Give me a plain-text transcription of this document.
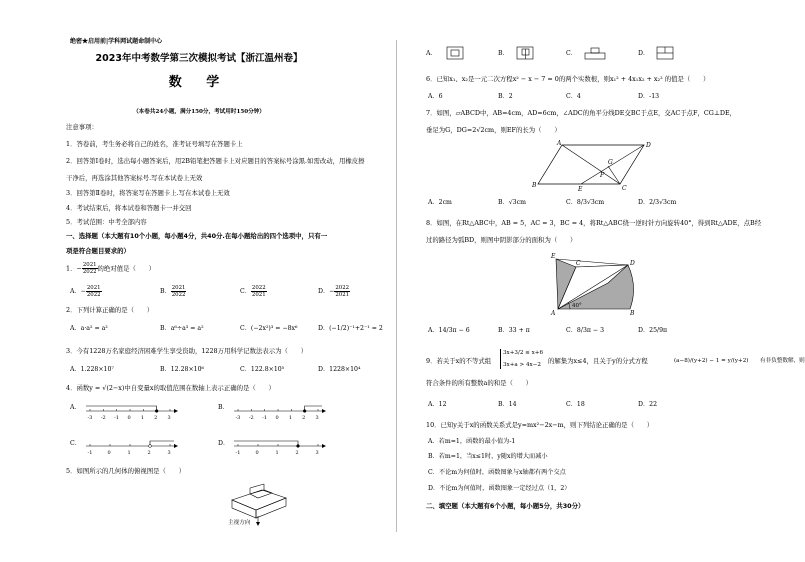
绝密★启用前|学科网试题命制中心
2023年中考数学第三次模拟考试【浙江温州卷】
数 学
（本卷共24小题，满分150分，考试用时150分钟）
注意事项：
1．答卷前，考生务必将自己的姓名，准考证号填写在答题卡上
2．回答第Ⅰ卷时，选出每小题答案后，用2B铅笔把答题卡上对应题目的答案标号涂黑.如需改动，用橡皮擦
干净后，再选涂其他答案标号.写在本试卷上无效
3．回答第Ⅱ卷时，将答案写在答题卡上.写在本试卷上无效
4．考试结束后，将本试卷和答题卡一并交回
5．考试范围：中考全部内容
一、选择题（本大题有10个小题，每小题4分，共40分.在每小题给出的四个选项中，只有一
项是符合题目要求的）
1．− $\frac{2021}{2022}$ 的绝对值是（　　）
A．− $\frac{2021}{2022}$	B． $\frac{2021}{2022}$	C． $\frac{2022}{2021}$	D．− $\frac{2022}{2021}$
2．下列计算正确的是（　　）
A．a·a² = a²	B．a⁶÷a³ = a²	C．(−2x²)³ = −8x⁶	D．(−1/2)⁻¹+2⁻¹ = 2
3．今有1228万名家庭经济困难学生享受资助，1228万用科学记数法表示为（　　）
A．1.228×10⁷	B．12.28×10⁶	C．122.8×10⁵	D．1228×10⁴
4．函数y = √(2−x)中自变量x的取值范围在数轴上表示正确的是（　　）
A．	B．
C．	D．
-3 -2 -1 0 1 2 3	-3 -2 -1 0 1 2 3
-1	0	1	2	3	-1	0	1	2	3
5．如图所示的几何体的俯视图是（　　）
主视方向
A．	B．	C．	D．
6．已知x₁、x₂是一元二次方程x² − x − 7 = 0的两个实数根，则x₁² + 4x₁x₂ + x₂² 的值是（　　）
A．6	B．2	C．4	D．-13
7．如图，▱ABCD中，AB=4cm，AD=6cm，∠ADC的角平分线DE交BC于点E，交AC于点F，CG⊥DE，
垂足为G，DG=2√2cm，则EF的长为（　　）
A	D
G
F
B
E	C
A．2cm	B．√3cm	C．8/3√3cm	D．2/3√3cm
8．如图，在Rt△ABC中，AB = 5，AC = 3，BC = 4，将Rt△ABC绕一逆时针方向旋转40°，得到Rt△ADE，点B经
过的路径为弧BD，则图中阴影部分的面积为（　　）
40°
E
C	D
A	B
A．14/3π − 6	B．33 + π	C．8/3π − 3	D．25/9π
9．若关于x的不等式组
3x+3/2 ≤ x+6
3x+a > 4x−2	的解集为x≤4，且关于y的分式方程	(a−8)/(y+2) − 1 = y/(y+2) 有非负整数解，则
符合条件的所有整数a的和是（　　）
A．12	B．14	C．18	D．22
10．已知y关于x的函数关系式是y=mx²−2x−m，则下列结论正确的是（　　）
A．若m=1，函数的最小值为-1
B．若m=1，当x≤1时，y随x的增大而减小
C．不论m为何值时，函数图象与x轴都有两个交点
D．不论m为何值时，函数图象一定经过点（1，2）
二、填空题（本大题有6个小题，每小题5分，共30分）
